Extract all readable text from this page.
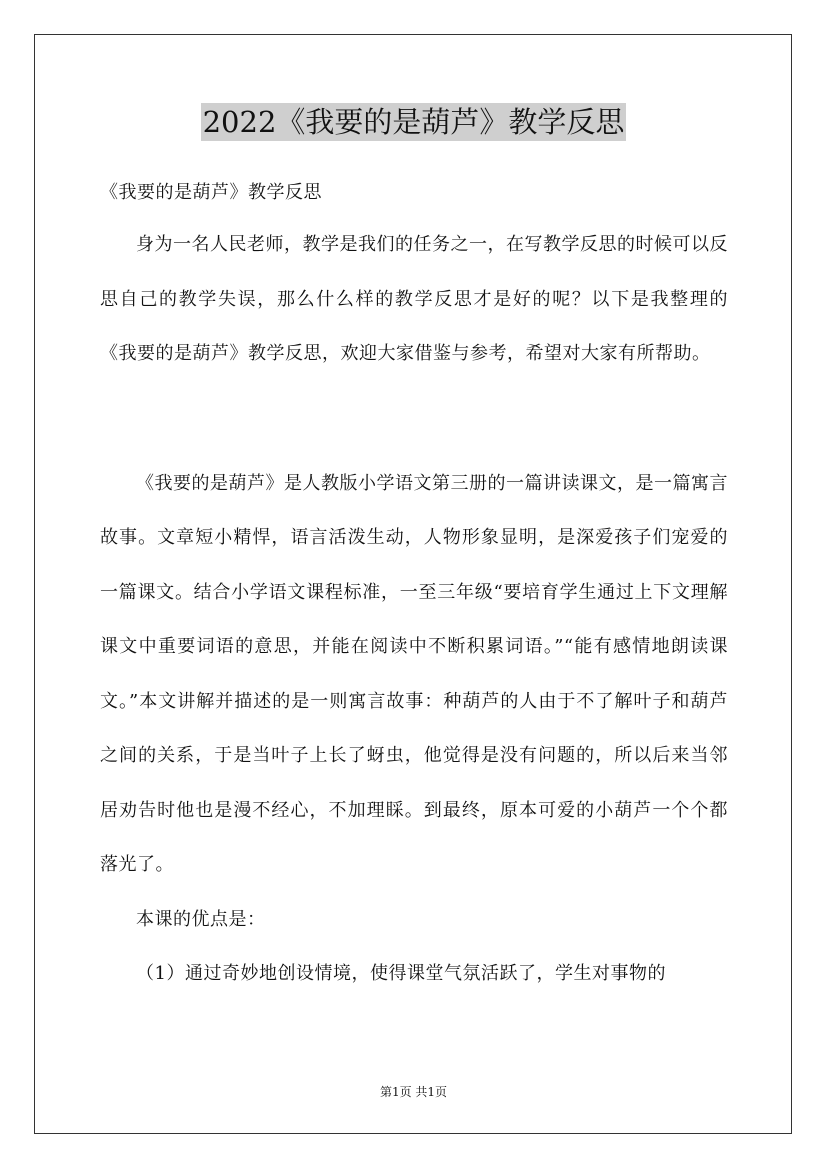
2022《我要的是葫芦》教学反思

《我要的是葫芦》教学反思

身为一名人民老师，教学是我们的任务之一，在写教学反思的时候可以反思自己的教学失误，那么什么样的教学反思才是好的呢？以下是我整理的《我要的是葫芦》教学反思，欢迎大家借鉴与参考，希望对大家有所帮助。

《我要的是葫芦》是人教版小学语文第三册的一篇讲读课文，是一篇寓言故事。文章短小精悍，语言活泼生动，人物形象显明，是深爱孩子们宠爱的一篇课文。结合小学语文课程标准，一至三年级“要培育学生通过上下文理解课文中重要词语的意思，并能在阅读中不断积累词语。”“能有感情地朗读课文。”本文讲解并描述的是一则寓言故事：种葫芦的人由于不了解叶子和葫芦之间的关系，于是当叶子上长了蚜虫，他觉得是没有问题的，所以后来当邻居劝告时他也是漫不经心，不加理睬。到最终，原本可爱的小葫芦一个个都落光了。

本课的优点是：

（1）通过奇妙地创设情境，使得课堂气氛活跃了，学生对事物的

第1页 共1页
